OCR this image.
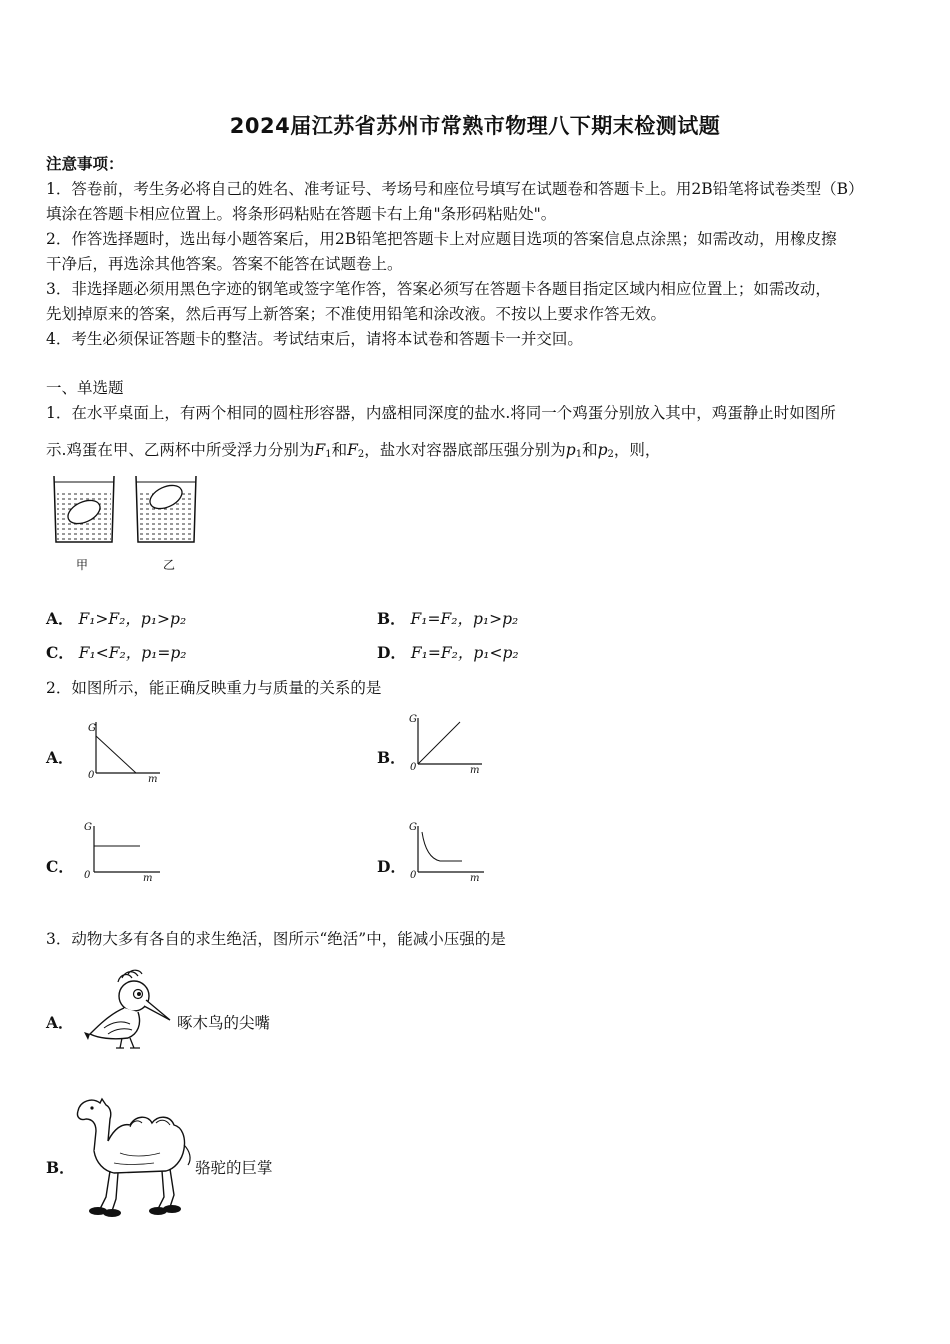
2024届江苏省苏州市常熟市物理八下期末检测试题
注意事项：
1．答卷前，考生务必将自己的姓名、准考证号、考场号和座位号填写在试题卷和答题卡上。用2B铅笔将试卷类型（B）
填涂在答题卡相应位置上。将条形码粘贴在答题卡右上角"条形码粘贴处"。
2．作答选择题时，选出每小题答案后，用2B铅笔把答题卡上对应题目选项的答案信息点涂黑；如需改动，用橡皮擦
干净后，再选涂其他答案。答案不能答在试题卷上。
3．非选择题必须用黑色字迹的钢笔或签字笔作答，答案必须写在答题卡各题目指定区域内相应位置上；如需改动，
先划掉原来的答案，然后再写上新答案；不准使用铅笔和涂改液。不按以上要求作答无效。
4．考生必须保证答题卡的整洁。考试结束后，请将本试卷和答题卡一并交回。
一、单选题
1．在水平桌面上，有两个相同的圆柱形容器，内盛相同深度的盐水.将同一个鸡蛋分别放入其中，鸡蛋静止时如图所
示.鸡蛋在甲、乙两杯中所受浮力分别为$F_1$和$F_2$，盐水对容器底部压强分别为$p_1$和$p_2$，则，
甲	乙
A． F₁>F₂，p₁>p₂	B． F₁=F₂，p₁>p₂
C． F₁<F₂，p₁=p₂	D． F₁=F₂，p₁<p₂
2．如图所示，能正确反映重力与质量的关系的是
A．
G
0	m
B．
G
0	m
C．
G
0	m
D．
G
0	m
3．动物大多有各自的求生绝活，图所示“绝活”中，能减小压强的是
A．	啄木鸟的尖嘴
B．	骆驼的巨掌
